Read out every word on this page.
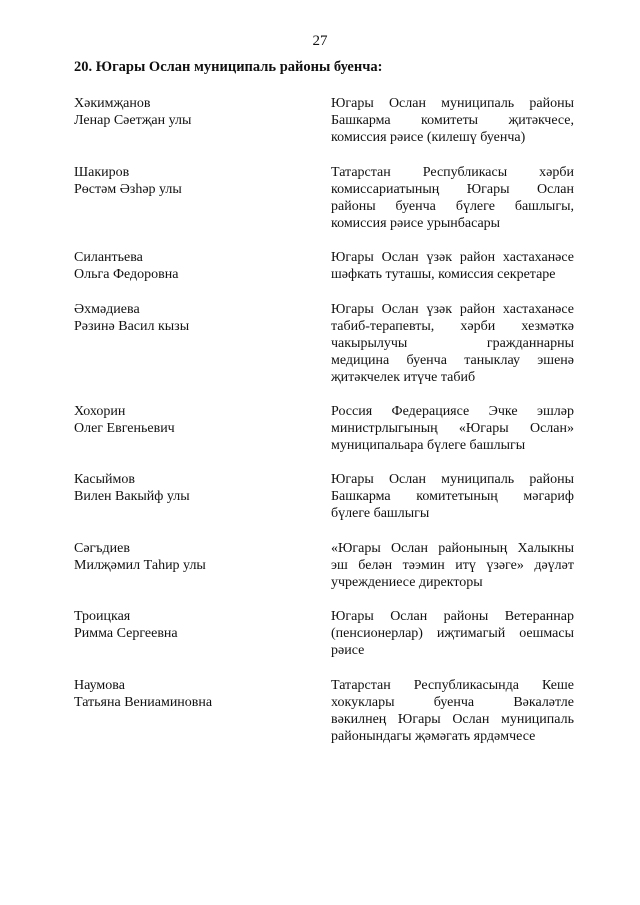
27
20. Югары Ослан муниципаль районы буенча:
Хәкимҗанов
Ленар Сәетҗан улы
Югары Ослан муниципаль районы
Башкарма комитеты җитәкчесе,
комиссия рәисе (килешү буенча)
Шакиров
Рөстәм Әзһәр улы
Татарстан Республикасы хәрби
комиссариатының Югары Ослан
районы буенча бүлеге башлыгы,
комиссия рәисе урынбасары
Силантьева
Ольга Федоровна
Югары Ослан үзәк район хастаханәсе
шәфкать туташы, комиссия секретаре
Әхмәдиева
Рәзинә Васил кызы
Югары Ослан үзәк район хастаханәсе
табиб-терапевты, хәрби хезмәткә
чакырылучы гражданнарны
медицина буенча таныклау эшенә
җитәкчелек итүче табиб
Хохорин
Олег Евгеньевич
Россия Федерациясе Эчке эшләр
министрлыгының «Югары Ослан»
муниципальара бүлеге башлыгы
Касыймов
Вилен Вакыйф улы
Югары Ослан муниципаль районы
Башкарма комитетының мәгариф
бүлеге башлыгы
Сәгъдиев
Милҗәмил Таһир улы
«Югары Ослан районының Халыкны
эш белән тәэмин итү үзәге» дәүләт
учреждениесе директоры
Троицкая
Римма Сергеевна
Югары Ослан районы Ветераннар
(пенсионерлар) иҗтимагый оешмасы
рәисе
Наумова
Татьяна Вениаминовна
Татарстан Республикасында Кеше
хокуклары буенча Вәкаләтле
вәкилнең Югары Ослан муниципаль
районындагы җәмәгать ярдәмчесе
